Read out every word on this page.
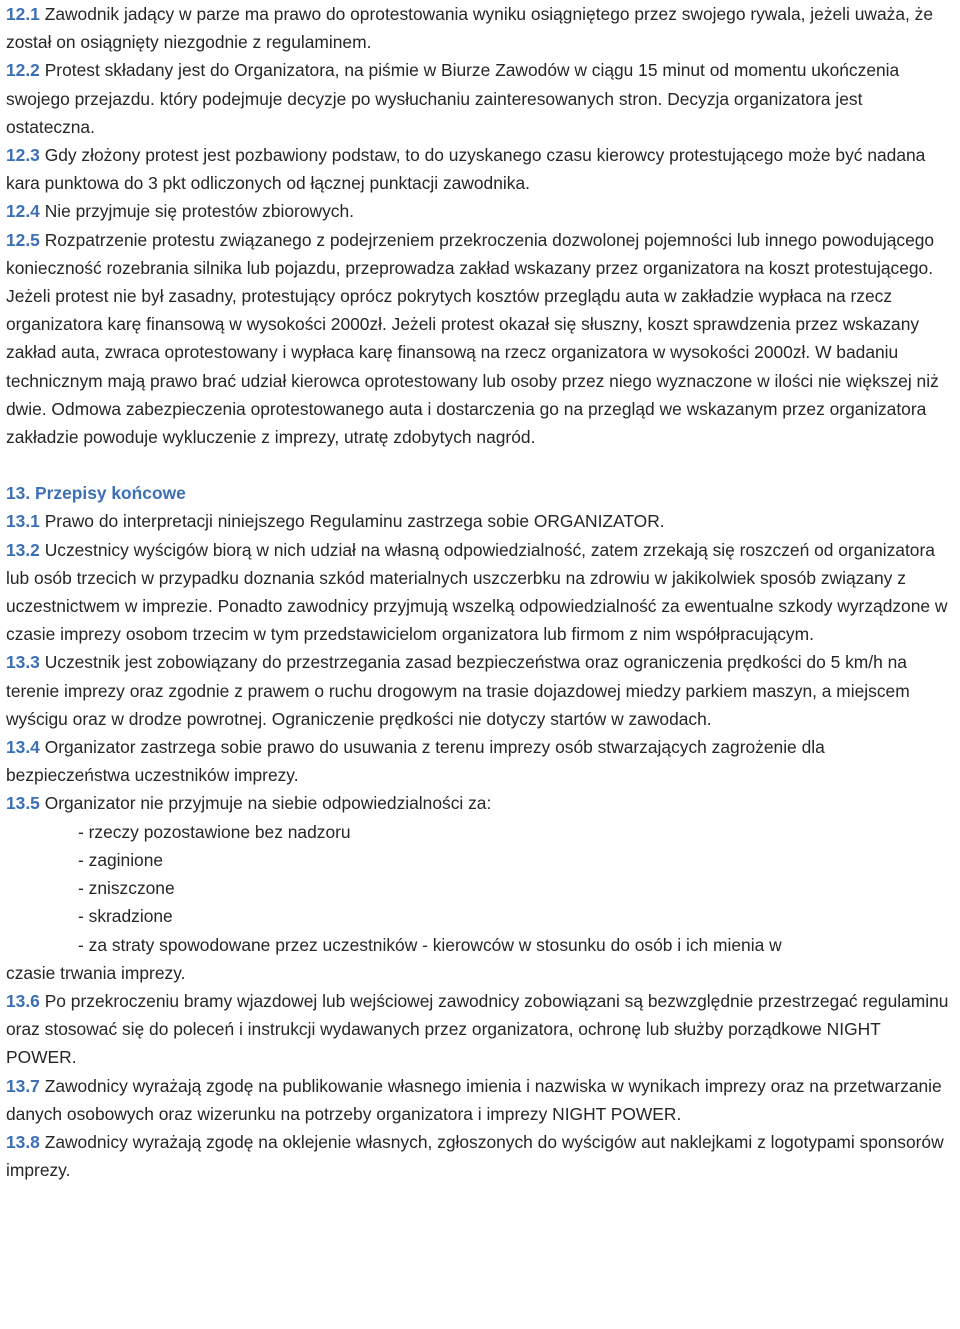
12.1 Zawodnik jadący w parze ma prawo do oprotestowania wyniku osiągniętego przez swojego rywala, jeżeli uważa, że został on osiągnięty niezgodnie z regulaminem.

12.2 Protest składany jest do Organizatora, na piśmie w Biurze Zawodów w ciągu 15 minut od momentu ukończenia swojego przejazdu. który podejmuje decyzje po wysłuchaniu zainteresowanych stron. Decyzja organizatora jest ostateczna.

12.3 Gdy złożony protest jest pozbawiony podstaw, to do uzyskanego czasu kierowcy protestującego może być nadana kara punktowa do 3 pkt odliczonych od łącznej punktacji zawodnika.

12.4 Nie przyjmuje się protestów zbiorowych.

12.5 Rozpatrzenie protestu związanego z podejrzeniem przekroczenia dozwolonej pojemności lub innego powodującego konieczność rozebrania silnika lub pojazdu, przeprowadza zakład wskazany przez organizatora na koszt protestującego. Jeżeli protest nie był zasadny, protestujący oprócz pokrytych kosztów przeglądu auta w zakładzie wypłaca na rzecz organizatora karę finansową w wysokości 2000zł. Jeżeli protest okazał się słuszny, koszt sprawdzenia przez wskazany zakład auta, zwraca oprotestowany i wypłaca karę finansową na rzecz organizatora w wysokości 2000zł. W badaniu technicznym mają prawo brać udział kierowca oprotestowany lub osoby przez niego wyznaczone w ilości nie większej niż dwie. Odmowa zabezpieczenia oprotestowanego auta i dostarczenia go na przegląd we wskazanym przez organizatora zakładzie powoduje wykluczenie z imprezy, utratę zdobytych nagród.

13. Przepisy końcowe

13.1 Prawo do interpretacji niniejszego Regulaminu zastrzega sobie ORGANIZATOR.

13.2 Uczestnicy wyścigów biorą w nich udział na własną odpowiedzialność, zatem zrzekają się roszczeń od organizatora lub osób trzecich w przypadku doznania szkód materialnych uszczerbku na zdrowiu w jakikolwiek sposób związany z uczestnictwem w imprezie. Ponadto zawodnicy przyjmują wszelką odpowiedzialność za ewentualne szkody wyrządzone w czasie imprezy osobom trzecim w tym przedstawicielom organizatora lub firmom z nim współpracującym.

13.3 Uczestnik jest zobowiązany do przestrzegania zasad bezpieczeństwa oraz ograniczenia prędkości do 5 km/h na terenie imprezy oraz zgodnie z prawem o ruchu drogowym na trasie dojazdowej miedzy parkiem maszyn, a miejscem wyścigu oraz w drodze powrotnej. Ograniczenie prędkości nie dotyczy startów w zawodach.

13.4 Organizator zastrzega sobie prawo do usuwania z terenu imprezy osób stwarzających zagrożenie dla bezpieczeństwa uczestników imprezy.

13.5 Organizator nie przyjmuje na siebie odpowiedzialności za:

- rzeczy pozostawione bez nadzoru

- zaginione

- zniszczone

- skradzione

- za straty spowodowane przez uczestników - kierowców w stosunku do osób i ich mienia w

czasie trwania imprezy.

13.6 Po przekroczeniu bramy wjazdowej lub wejściowej zawodnicy zobowiązani są bezwzględnie przestrzegać regulaminu oraz stosować się do poleceń i instrukcji wydawanych przez organizatora, ochronę lub służby porządkowe NIGHT POWER.

13.7 Zawodnicy wyrażają zgodę na publikowanie własnego imienia i nazwiska w wynikach imprezy oraz na przetwarzanie danych osobowych oraz wizerunku na potrzeby organizatora i imprezy NIGHT POWER.

13.8 Zawodnicy wyrażają zgodę na oklejenie własnych, zgłoszonych do wyścigów aut naklejkami z logotypami sponsorów imprezy.
